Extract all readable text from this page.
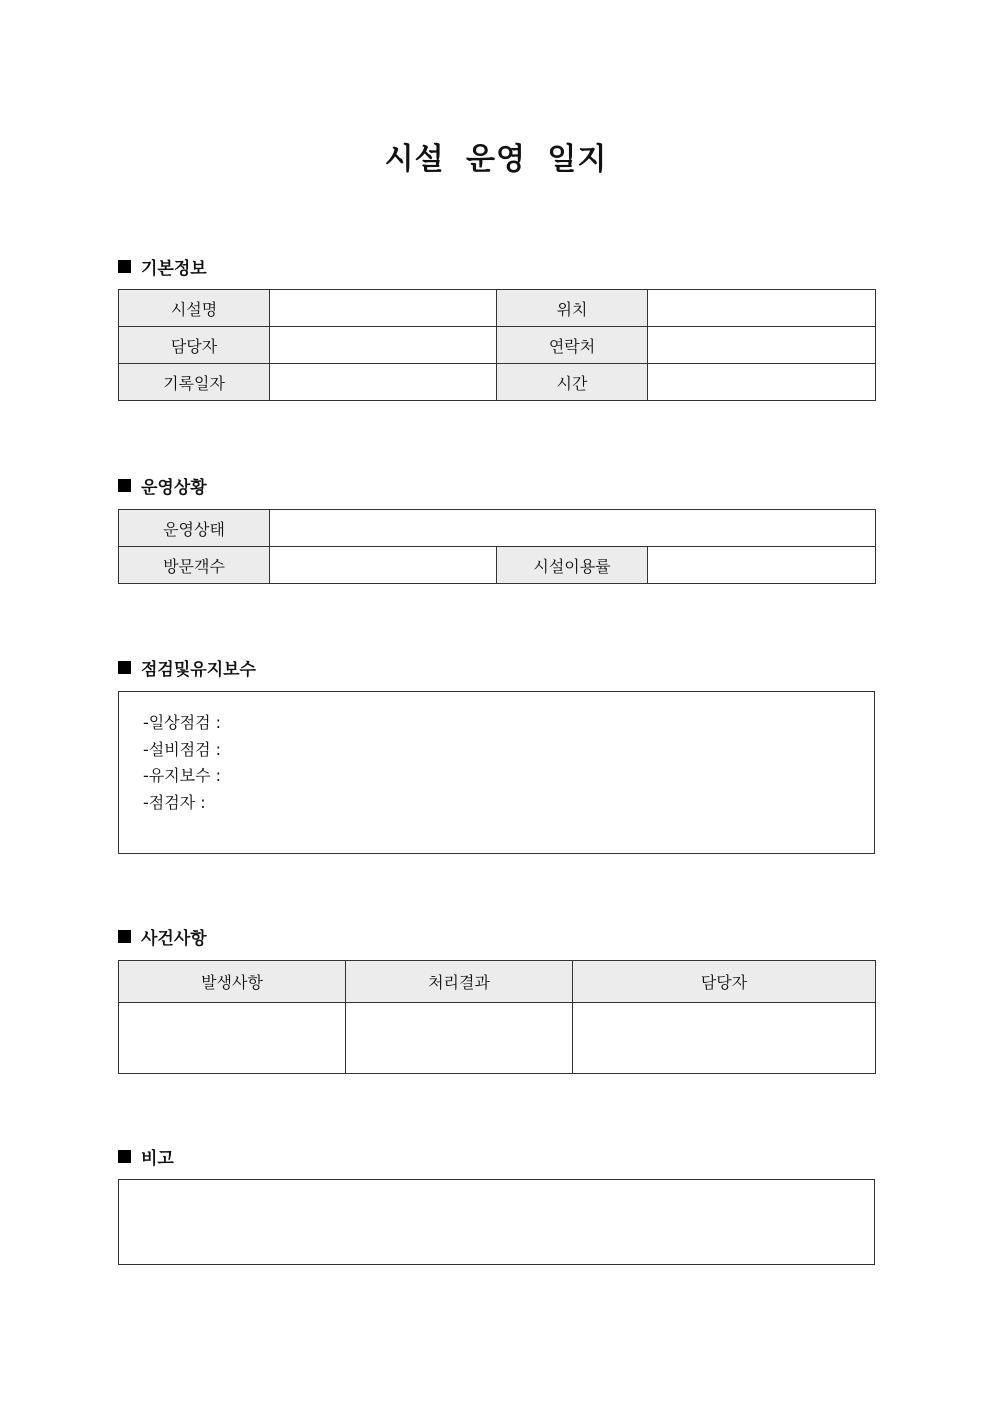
시설 운영 일지
기본정보
시설명		위치	
담당자		연락처	
기록일자		시간	
운영상황
운영상태			
방문객수		시설이용률	
점검및유지보수
-일상점검 :
-설비점검 :
-유지보수 :
-점검자 :
사건사항
발생사항	처리결과	담당자

비고
